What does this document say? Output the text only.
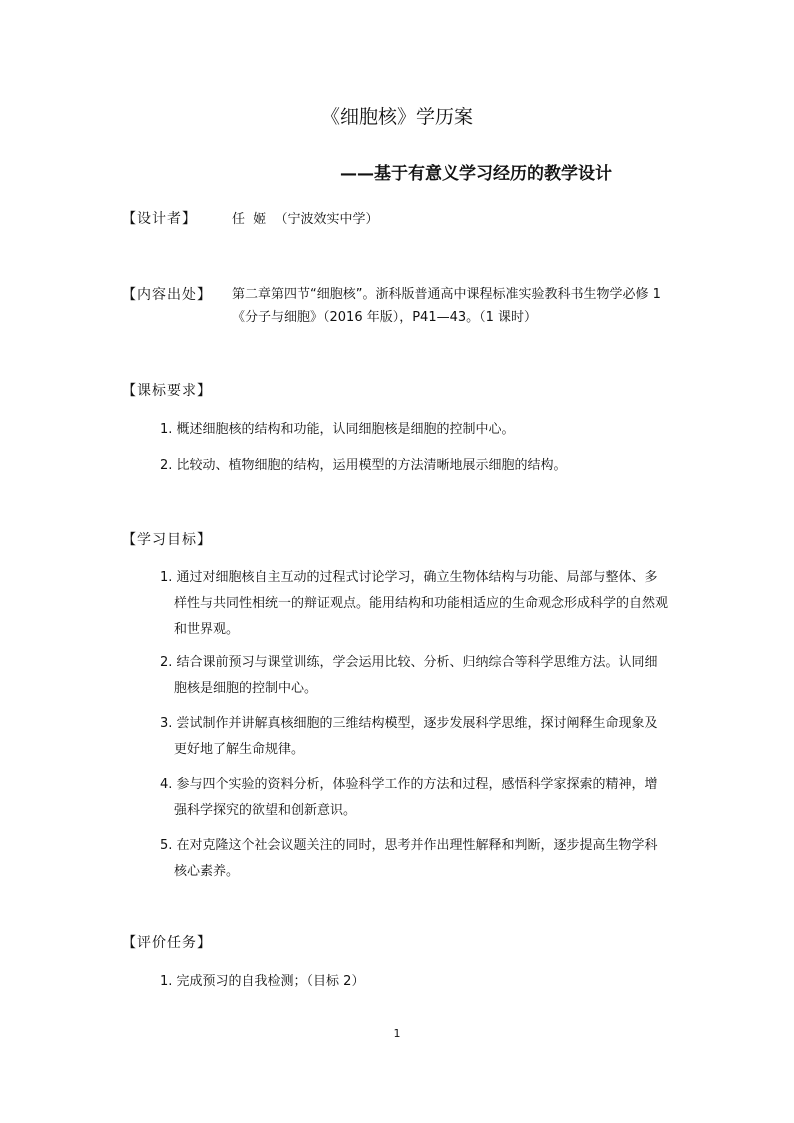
《细胞核》学历案
——基于有意义学习经历的教学设计
【设计者】	任  姬  （宁波效实中学）
【内容出处】 第二章第四节“细胞核”。浙科版普通高中课程标准实验教科书生物学必修 1《分子与细胞》（2016 年版），P41—43。（1 课时）
【课标要求】
1. 概述细胞核的结构和功能，认同细胞核是细胞的控制中心。
2. 比较动、植物细胞的结构，运用模型的方法清晰地展示细胞的结构。
【学习目标】
1. 通过对细胞核自主互动的过程式讨论学习，确立生物体结构与功能、局部与整体、多样性与共同性相统一的辩证观点。能用结构和功能相适应的生命观念形成科学的自然观和世界观。
2. 结合课前预习与课堂训练，学会运用比较、分析、归纳综合等科学思维方法。认同细胞核是细胞的控制中心。
3. 尝试制作并讲解真核细胞的三维结构模型，逐步发展科学思维，探讨阐释生命现象及更好地了解生命规律。
4. 参与四个实验的资料分析，体验科学工作的方法和过程，感悟科学家探索的精神，增强科学探究的欲望和创新意识。
5. 在对克隆这个社会议题关注的同时，思考并作出理性解释和判断，逐步提高生物学科核心素养。
【评价任务】
1. 完成预习的自我检测；（目标 2）
1
